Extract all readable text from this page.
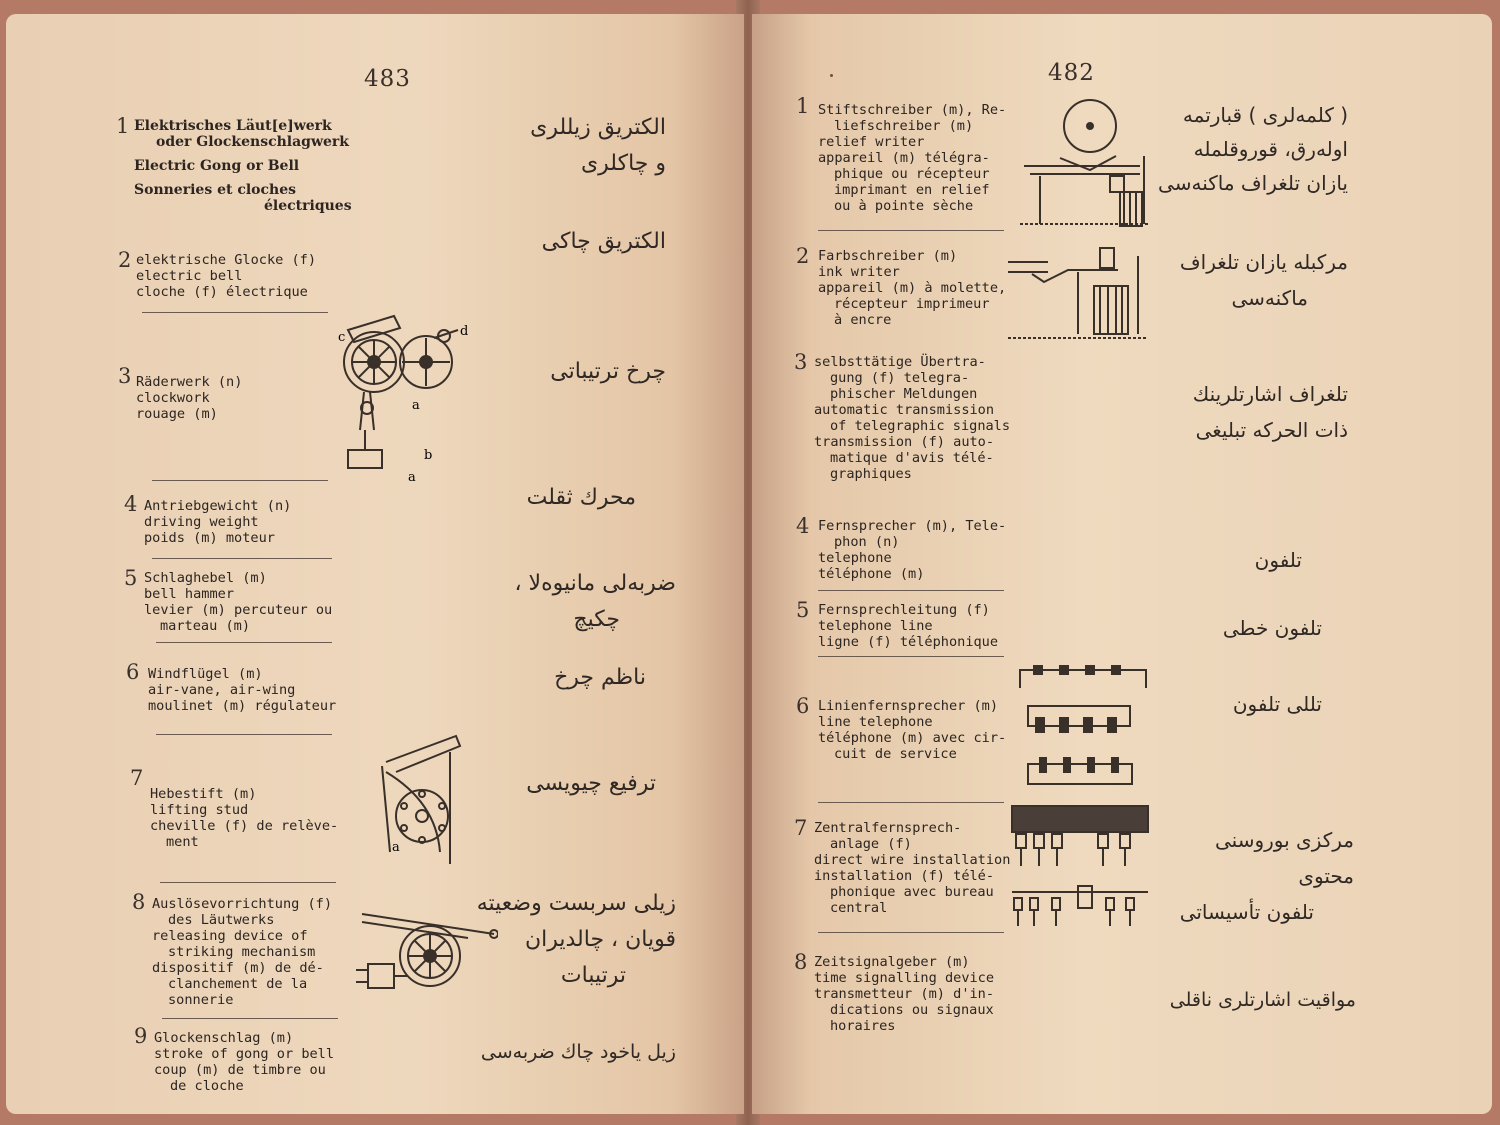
483
1 Elektrisches Läut[e]werk
oder Glockenschlagwerk
Electric Gong or Bell
Sonneries et cloches
électriques
الکتریق زیللری
و چاکلری
2 elektrische Glocke (f)
electric bell
cloche (f) électrique
الکتریق چاکی
3 Räderwerk (n)
clockwork
rouage (m)
c	d
a
b
a
چرخ ترتیباتی
4 Antriebgewicht (n)
driving weight
poids (m) moteur
محرك ثقلت
5 Schlaghebel (m)
bell hammer
levier (m) percuteur ou
marteau (m)
ضربه‌لی مانیوه‌لا ،
چکیچ
6 Windflügel (m)
air-vane, air-wing
moulinet (m) régulateur
ناظم چرخ
7
Hebestift (m)
lifting stud
cheville (f) de relève-
ment	a
ترفیع چیویسی
8 Auslösevorrichtung (f)
des Läutwerks
releasing device of
striking mechanism
dispositif (m) de dé-
clanchement de la
sonnerie
زیلی سربست وضعیته
قویان ، چالدیران
ترتیبات
9 Glockenschlag (m)
stroke of gong or bell
coup (m) de timbre ou
de cloche
زیل یاخود چاك ضربه‌سی
482
1 Stiftschreiber (m), Re-
liefschreiber (m)
relief writer
appareil (m) télégra-
phique ou récepteur
imprimant en relief
ou à pointe sèche
( کلمه‌لری ) قبارتمه
اوله‌رق، قوروقلمله
یازان تلغراف ماکنه‌سی
2 Farbschreiber (m)
ink writer
appareil (m) à molette,
récepteur imprimeur
à encre
مرکبله یازان تلغراف
ماکنه‌سی
3 selbsttätige Übertra-
gung (f) telegra-
phischer Meldungen
automatic transmission
of telegraphic signals
transmission (f) auto-
matique d'avis télé-
graphiques
تلغراف اشارتلرینك
ذات الحرکه تبلیغی
4 Fernsprecher (m), Tele-
phon (n)
telephone
téléphone (m)
تلفون
5 Fernsprechleitung (f)
telephone line
ligne (f) téléphonique
تلفون خطی
6 Linienfernsprecher (m)
line telephone
téléphone (m) avec cir-
cuit de service
تللی تلفون
7 Zentralfernsprech-
anlage (f)
direct wire installation
installation (f) télé-
phonique avec bureau
central
مرکزی بوروسنی محتوی
تلفون تأسیساتی
8 Zeitsignalgeber (m)
time signalling device
transmetteur (m) d'in-
dications ou signaux
horaires
مواقیت اشارتلری ناقلی
